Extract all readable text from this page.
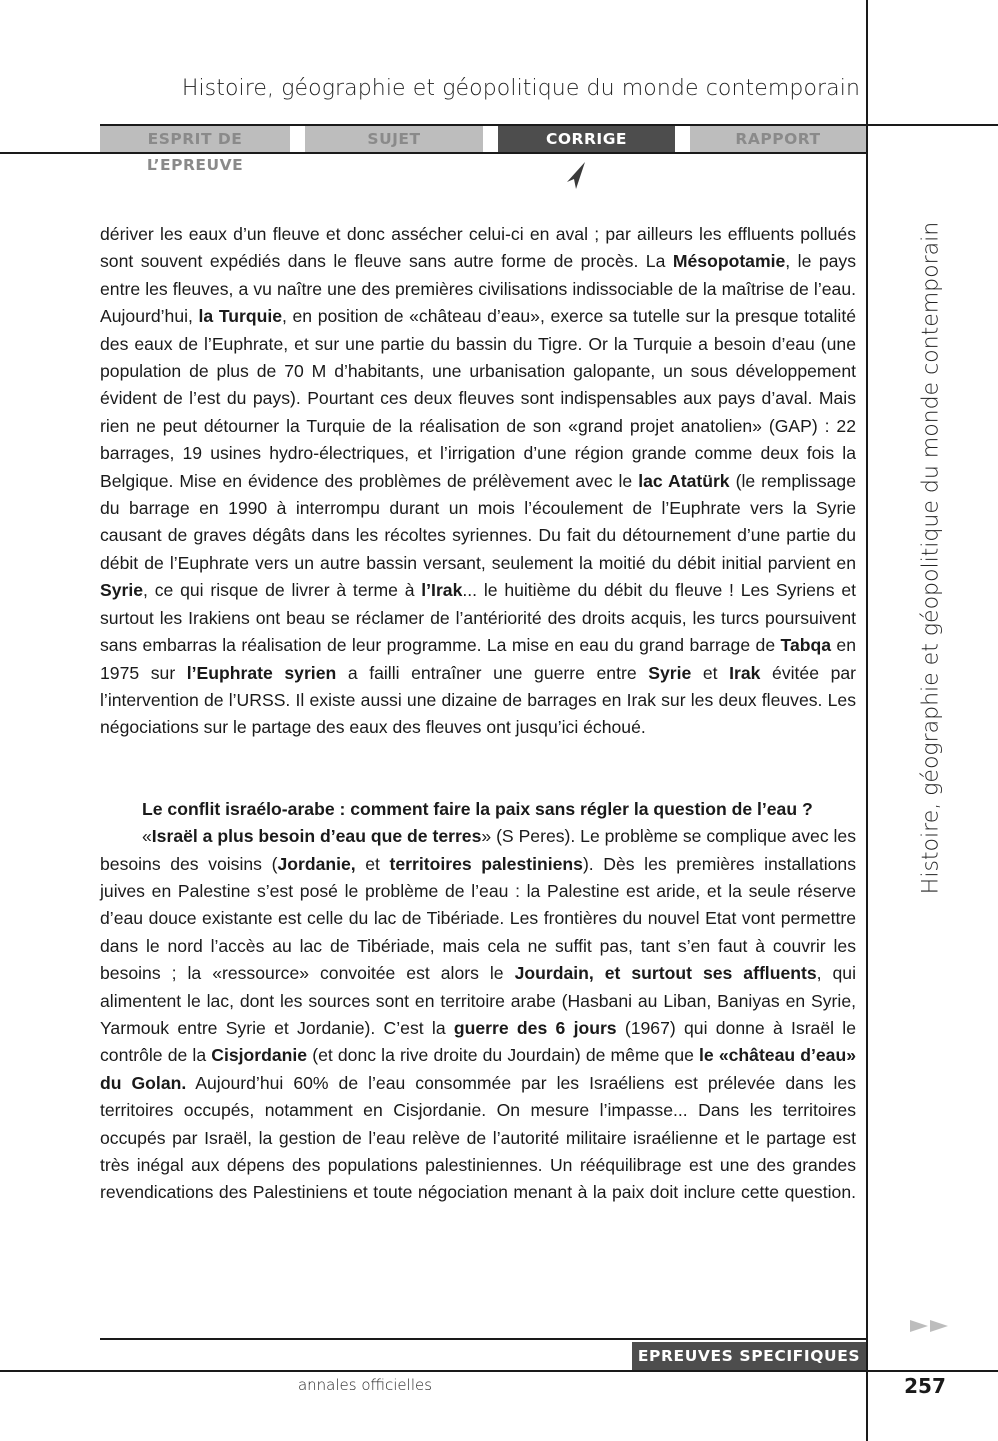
Histoire, géographie et géopolitique du monde contemporain
ESPRIT DE L’EPREUVE
SUJET	CORRIGE	RAPPORT
Histoire, géographie et géopolitique du monde contemporain

dériver les eaux d’un fleuve et donc assécher celui-ci en aval ; par ailleurs les effluents pollués sont souvent expédiés dans le fleuve sans autre forme de procès. La Mésopotamie, le pays entre les fleuves, a vu naître une des premières civilisations indissociable de la maîtrise de l’eau. Aujourd’hui, la Turquie, en position de «château d’eau», exerce sa tutelle sur la presque totalité des eaux de l’Euphrate, et sur une partie du bassin du Tigre. Or la Turquie a besoin d’eau (une population de plus de 70 M d’habitants, une urbanisation galopante, un sous développement évident de l’est du pays). Pourtant ces deux fleuves sont indispensables aux pays d’aval. Mais rien ne peut détourner la Turquie de la réalisation de son «grand projet anatolien» (GAP) : 22 barrages, 19 usines hydro-électriques, et l’irrigation d’une région grande comme deux fois la Belgique. Mise en évidence des problèmes de prélèvement avec le lac Atatürk (le remplissage du barrage en 1990 à interrompu durant un mois l’écoulement de l’Euphrate vers la Syrie causant de graves dégâts dans les récoltes syriennes. Du fait du détournement d’une partie du débit de l’Euphrate vers un autre bassin versant, seulement la moitié du débit initial parvient en Syrie, ce qui risque de livrer à terme à l’Irak... le huitième du débit du fleuve ! Les Syriens et surtout les Irakiens ont beau se réclamer de l’antériorité des droits acquis, les turcs poursuivent sans embarras la réalisation de leur programme. La mise en eau du grand barrage de Tabqa en 1975 sur l’Euphrate syrien a failli entraîner une guerre entre Syrie et Irak évitée par l’intervention de l’URSS. Il existe aussi une dizaine de barrages en Irak sur les deux fleuves. Les négociations sur le partage des eaux des fleuves ont jusqu’ici échoué.

Le conflit israélo-arabe : comment faire la paix sans régler la question de l’eau ?

«Israël a plus besoin d’eau que de terres» (S Peres). Le problème se complique avec les besoins des voisins (Jordanie, et territoires palestiniens). Dès les premières installations juives en Palestine s’est posé le problème de l’eau : la Palestine est aride, et la seule réserve d’eau douce existante est celle du lac de Tibériade. Les frontières du nouvel Etat vont permettre dans le nord l’accès au lac de Tibériade, mais cela ne suffit pas, tant s’en faut à couvrir les besoins ; la «ressource» convoitée est alors le Jourdain, et surtout ses affluents, qui alimentent le lac, dont les sources sont en territoire arabe (Hasbani au Liban, Baniyas en Syrie, Yarmouk entre Syrie et Jordanie). C’est la guerre des 6 jours (1967) qui donne à Israël le contrôle de la Cisjordanie (et donc la rive droite du Jourdain) de même que le «château d’eau» du Golan. Aujourd’hui 60% de l’eau consommée par les Israéliens est prélevée dans les territoires occupés, notamment en Cisjordanie. On mesure l’impasse... Dans les territoires occupés par Israël, la gestion de l’eau relève de l’autorité militaire israélienne et le partage est très inégal aux dépens des populations palestiniennes. Un rééquilibrage est une des grandes revendications des Palestiniens et toute négociation menant à la paix doit inclure cette question.

EPREUVES SPECIFIQUES
annales officielles	257
